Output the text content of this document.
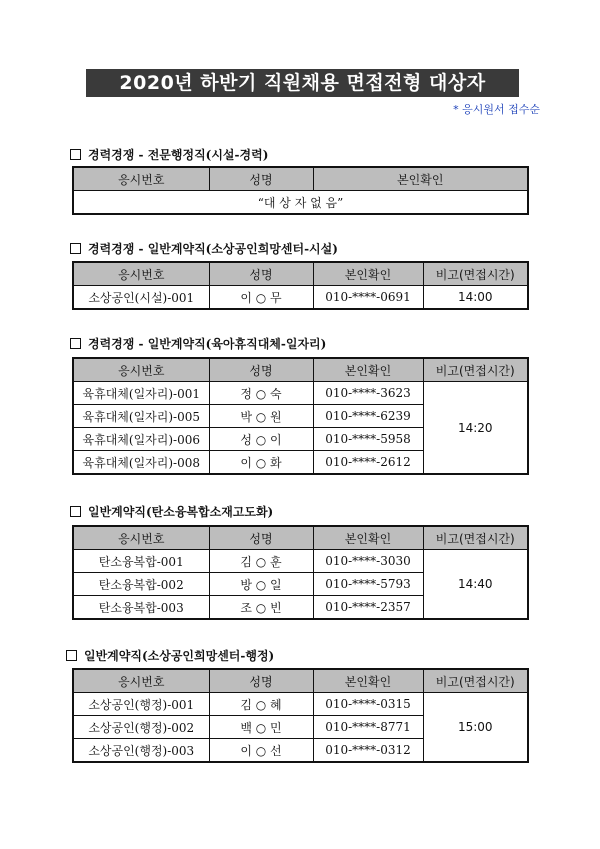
2020년 하반기 직원채용 면접전형 대상자
* 응시원서 접수순
경력경쟁 - 전문행정직(시설-경력)
응시번호	성명	본인확인
“대 상 자 없 음”
경력경쟁 - 일반계약직(소상공인희망센터-시설)
응시번호	성명	본인확인	비고(면접시간)
소상공인(시설)-001	이 ○ 무	010-****-0691	14:00
경력경쟁 - 일반계약직(육아휴직대체-일자리)
응시번호	성명	본인확인	비고(면접시간)
육휴대체(일자리)-001	정 ○ 숙	010-****-3623	14:20
육휴대체(일자리)-005	박 ○ 원	010-****-6239	
육휴대체(일자리)-006	성 ○ 이	010-****-5958	
육휴대체(일자리)-008	이 ○ 화	010-****-2612	
일반계약직(탄소융복합소재고도화)
응시번호	성명	본인확인	비고(면접시간)
탄소융복합-001	김 ○ 훈	010-****-3030	14:40
탄소융복합-002	방 ○ 일	010-****-5793	
탄소융복합-003	조 ○ 빈	010-****-2357	
일반계약직(소상공인희망센터-행정)
응시번호	성명	본인확인	비고(면접시간)
소상공인(행정)-001	김 ○ 혜	010-****-0315	15:00
소상공인(행정)-002	백 ○ 민	010-****-8771	
소상공인(행정)-003	이 ○ 선	010-****-0312	
